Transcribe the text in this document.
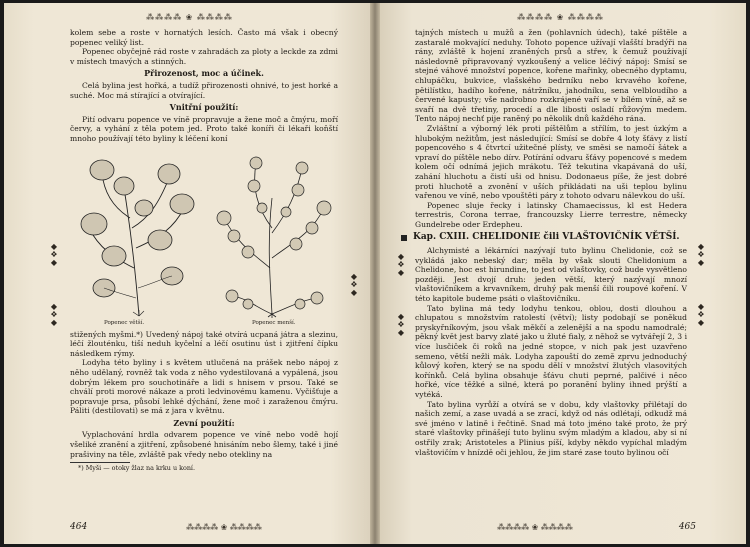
⁂⁂⁂⁂ ❀ ⁂⁂⁂⁂
◆
❖
◆
◆
❖
◆
◆
❖
◆

kolem sebe a roste v hornatých lesích. Často má však i obecný popenec veliký list.

Popenec obyčejně rád roste v zahradách za ploty a leckde za zdmi v místech tmavých a stinných.

Přirozenost, moc a účinek.

Celá bylina jest hořká, a tudíž přirozenosti ohnivé, to jest horké a suché. Moc má stírající a otvírající.

Vnitřní použití:

Pití odvaru popence ve víně propravuje a žene moč a čmýru, moří červy, a vyhání z těla potem jed. Proto také koníři či lékaři koňští mnoho používají této byliny k léčení koní

Popenec větší.	Popenec menší.

stižených myšmi.*) Uvedený nápoj také otvírá ucpaná játra a slezinu, léčí žlouténku, tiší neduh kyčelní a léčí osutinu úst i zjitření čípku následkem rýmy.

Lodyha této byliny i s květem utlučená na prášek nebo nápoj z něho udělaný, rovněž tak voda z něho vydestilovaná a vypálená, jsou dobrým lékem pro souchotináře a lidi s hnisem v prsou. Také se chválí proti morové nákaze a proti ledvinovému kamenu. Vyčišťuje a popravuje prsa, působí lehké dýchání, žene moč i zaraženou čmýru. Páliti (destilovati) se má z jara v květnu.

Zevní použití:

Vyplachování hrdla odvarem popence ve víně nebo vodě hojí všeliké zranění a zjitření, způsobené hnisáním nebo šlemy, také i jiné prašiviny na těle, zvláště pak vředy nebo otekliny na

*) Myši — otoky žlaz na krku u koní.
464	⁂⁂⁂⁂ ❀ ⁂⁂⁂⁂
⁂⁂⁂⁂ ❀ ⁂⁂⁂⁂
◆
❖
◆
◆
❖
◆
◆
❖
◆
◆
❖
◆

tajných místech u mužů a žen (pohlavních údech), také píštěle a zastaralé mokvající neduhy. Tohoto popence užívají vlašští bradýři na rány, zvláště k hojení zraněných prsů a střev, k čemuž používají následovně připravovaný vyzkoušený a velice léčivý nápoj: Smísí se stejné váhové množství popence, kořene mařinky, obecného dyptamu, chlupáčku, bukvice, vlašského bedrníku nebo krvavého kořene, pětilístku, hadího kořene, nátržníku, jahodníku, sena velbloudího a červené kapusty; vše nadrobno rozkrájené vaří se v bílém víně, až se svaří na dvě třetiny, procedí a dle libosti osladí růžovým medem. Tento nápoj nechť pije raněný po několik dnů každého rána.

Zvláštní a výborný lék proti píštělům a střílím, to jest úzkým a hlubokým nežitům, jest následující: Smísí se dobře 4 loty šťávy z listí popencového s 4 čtvrtcí užitečné plísty, ve směsi se namočí šátek a vpraví do píštěle nebo dírv. Potírání odvaru šťávy popencové s medem kolem očí odnímá jejich mrákotu. Též tekutina vkapávaná do uší, zahání hluchotu a čistí uši od hnisu. Dodonaeus píše, že jest dobré proti hluchotě a zvonění v uších přikládati na uši teplou bylinu vařenou ve víně, nebo vpouštěti páry z tohoto odvaru nálevkou do uší.

Popenec sluje řecky i latinsky Chamaecissus, kl est Hedera terrestris, Corona terrae, francouzsky Lierre terrestre, německy Gundelrebe oder Erdepheu.

Kap. CXIII. CHELIDONIE čili VLAŠTOVIČNÍK VĚTŠÍ.

Alchymisté a lékárníci nazývají tuto bylinu Chelidonie, což se vykládá jako nebeský dar; měla by však slouti Chelidonium a Chelidone, hoc est hirundine, to jest od vlaštovky, což bude vysvětleno později. Jest dvojí druh: jeden větší, který nazývají mnozí vlaštovičníkem a krvavníkem, druhý pak menší čili roupové koření. V této kapitole budeme psáti o vlaštovičníku.

Tato bylina má tedy lodyhu tenkou, oblou, dosti dlouhou a chlupatou s množstvím ratolestí (větví); listy podobají se poněkud pryskyřníkovým, jsou však měkčí a zelenější a na spodu namodralé; pěkný květ jest barvy zlaté jako u žluté fialy, z něhož se vytvářejí 2, 3 i více lusčiček či roků na jedné stopce, v nich pak jest uzavřeno semeno, větší nežli mák. Lodyha zapouští do země zprvu jednoduchý kůlový kořen, který se na spodu dělí v množství žlutých vlasovitých kořínků. Celá bylina obsahuje šťávu chuti peprné, palčivé i něco hořké, více těžké a silné, která po poranění byliny ihned prýští a vytéká.

Tato bylina vyrůží a otvírá se v dobu, kdy vlaštovky přilétají do našich zemí, a zase uvadá a se zrací, když od nás odlétají, odkudž má své jméno v latině i řečtině. Snad má toto jméno také proto, že prý staré vlaštovky přinášejí tuto bylinu svým mladým a kladou, aby si ní ostřily zrak; Aristoteles a Plinius píší, kdyby někdo vypíchal mladým vlaštovičím v hnízdě oči jehlou, že jim staré zase touto bylinou očí

⁂⁂⁂⁂ ❀ ⁂⁂⁂⁂	465
